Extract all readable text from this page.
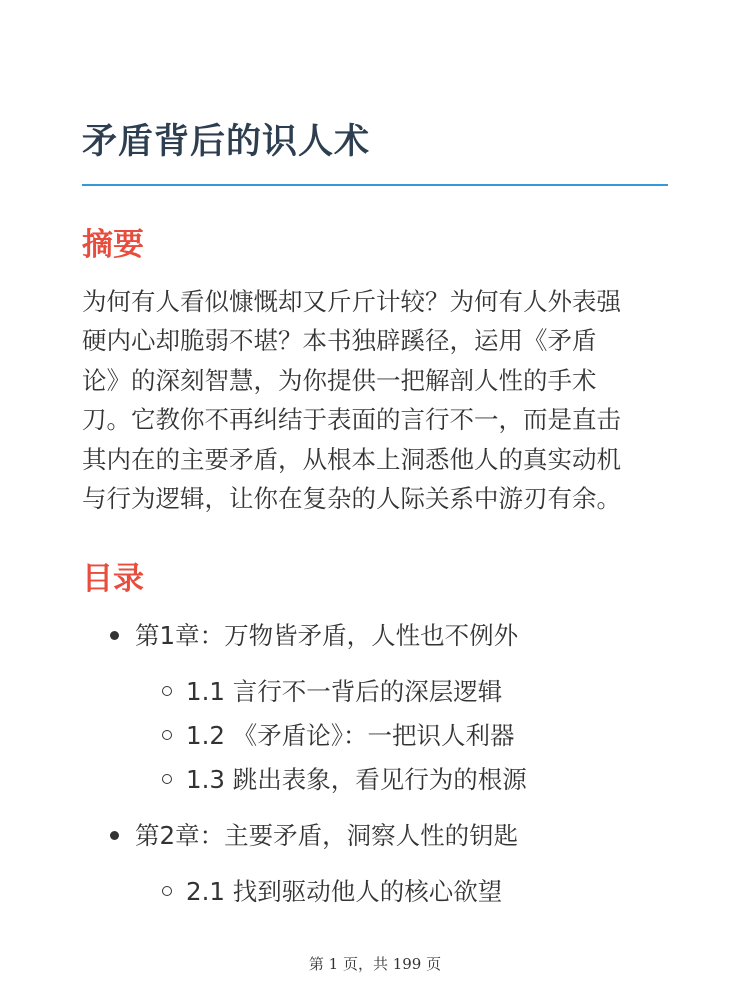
矛盾背后的识人术
摘要

为何有人看似慷慨却又斤斤计较？为何有人外表强
硬内心却脆弱不堪？本书独辟蹊径，运用《矛盾
论》的深刻智慧，为你提供一把解剖人性的手术
刀。它教你不再纠结于表面的言行不一，而是直击
其内在的主要矛盾，从根本上洞悉他人的真实动机
与行为逻辑，让你在复杂的人际关系中游刃有余。

目录
第1章：万物皆矛盾，人性也不例外
1.1 言行不一背后的深层逻辑
1.2 《矛盾论》：一把识人利器
1.3 跳出表象，看见行为的根源
第2章：主要矛盾，洞察人性的钥匙
2.1 找到驱动他人的核心欲望
第 1 页，共 199 页
